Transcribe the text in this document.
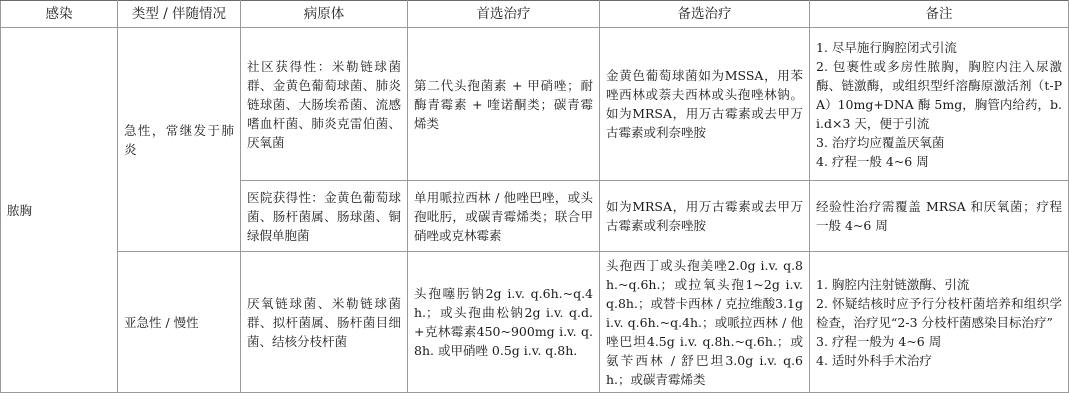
感染	类型 / 伴随情况	病原体	首选治疗	备选治疗	备注
脓胸	急性，常继发于肺炎	社区获得性：米勒链球菌群、金黄色葡萄球菌、肺炎链球菌、大肠埃希菌、流感嗜血杆菌、肺炎克雷伯菌、厌氧菌	第二代头孢菌素 + 甲硝唑；耐酶青霉素 + 喹诺酮类；碳青霉烯类	金黄色葡萄球菌如为MSSA，用苯唑西林或萘夫西林或头孢唑林钠。如为MRSA，用万古霉素或去甲万古霉素或利奈唑胺	1. 尽早施行胸腔闭式引流
2. 包裹性或多房性脓胸，胸腔内注入尿激酶、链激酶，或组织型纤溶酶原激活剂（t-PA）10mg+DNA 酶 5mg，胸管内给药，b.i.d×3 天，便于引流
3. 治疗均应覆盖厌氧菌
4. 疗程一般 4~6 周

		医院获得性：金黄色葡萄球菌、肠杆菌属、肠球菌、铜绿假单胞菌	单用哌拉西林 / 他唑巴唑，或头孢吡肟，或碳青霉烯类；联合甲硝唑或克林霉素	如为MRSA，用万古霉素或去甲万古霉素或利奈唑胺	经验性治疗需覆盖 MRSA 和厌氧菌；疗程一般 4~6 周

	亚急性 / 慢性	厌氧链球菌、米勒链球菌群、拟杆菌属、肠杆菌目细菌、结核分枝杆菌	头孢噻肟钠2g i.v. q.6h.~q.4h.；或头孢曲松钠2g i.v. q.d.+克林霉素450~900mg i.v. q.8h. 或甲硝唑 0.5g i.v. q.8h.	头孢西丁或头孢美唑2.0g i.v. q.8h.~q.6h.；或拉氧头孢1~2g i.v. q.8h.；或替卡西林 / 克拉维酸3.1g i.v. q.6h.~q.4h.；或哌拉西林 / 他唑巴坦4.5g i.v. q.8h.~q.6h.；或氨苄西林 / 舒巴坦3.0g i.v. q.6h.；或碳青霉烯类	1. 胸腔内注射链激酶、引流
2. 怀疑结核时应予行分枝杆菌培养和组织学检查，治疗见“2-3 分枝杆菌感染目标治疗”
3. 疗程一般为 4~6 周
4. 适时外科手术治疗
